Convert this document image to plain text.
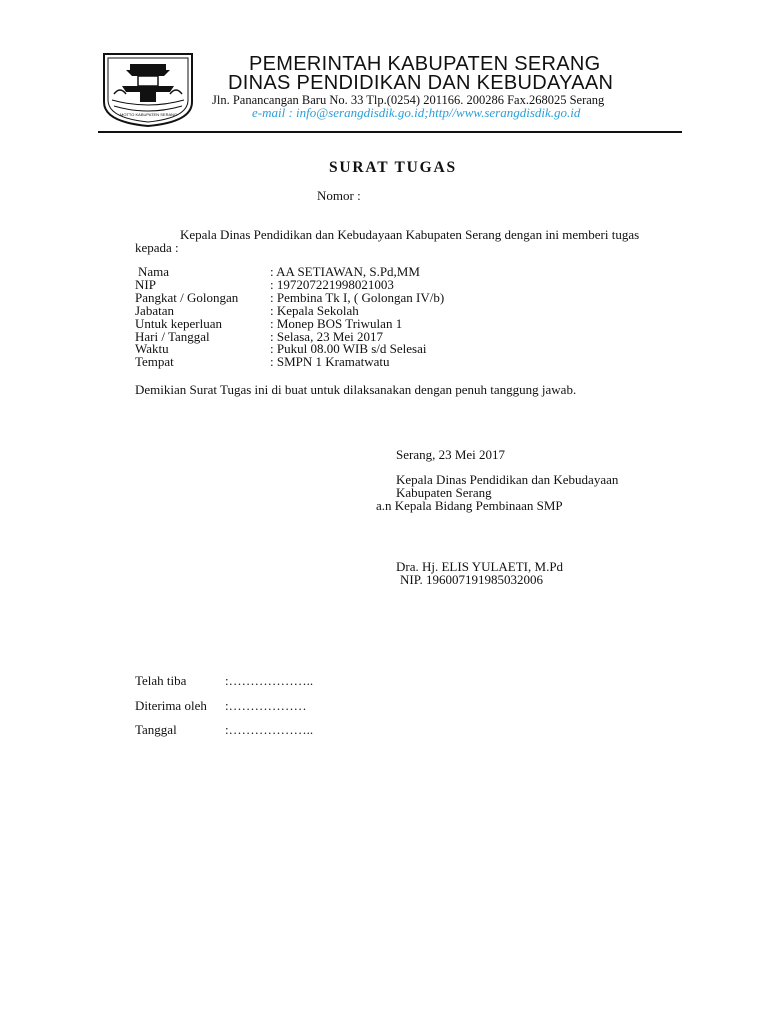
MOTTO KABUPATEN SERANG
PEMERINTAH KABUPATEN SERANG
DINAS PENDIDIKAN DAN KEBUDAYAAN
Jln. Panancangan Baru No. 33 Tlp.(0254) 201166. 200286 Fax.268025 Serang
e-mail : info@serangdisdik.go.id;http//www.serangdisdik.go.id
SURAT TUGAS
Nomor :
Kepala Dinas Pendidikan dan Kebudayaan Kabupaten Serang dengan ini memberi tugas
kepada :
Nama	: AA SETIAWAN, S.Pd,MM
NIP	: 197207221998021003
Pangkat / Golongan	: Pembina Tk I, ( Golongan IV/b)
Jabatan	: Kepala Sekolah
Untuk keperluan	: Monep BOS Triwulan 1
Hari / Tanggal	: Selasa, 23 Mei 2017
Waktu	: Pukul 08.00 WIB s/d Selesai
Tempat	: SMPN 1 Kramatwatu
Demikian Surat Tugas ini di buat untuk dilaksanakan dengan penuh tanggung jawab.
Serang, 23 Mei 2017
Kepala Dinas Pendidikan dan Kebudayaan
Kabupaten Serang
a.n Kepala Bidang Pembinaan SMP
Dra. Hj. ELIS YULAETI, M.Pd
NIP. 196007191985032006
Telah tiba	:………………..
Diterima oleh	:………………
Tanggal	:………………..
